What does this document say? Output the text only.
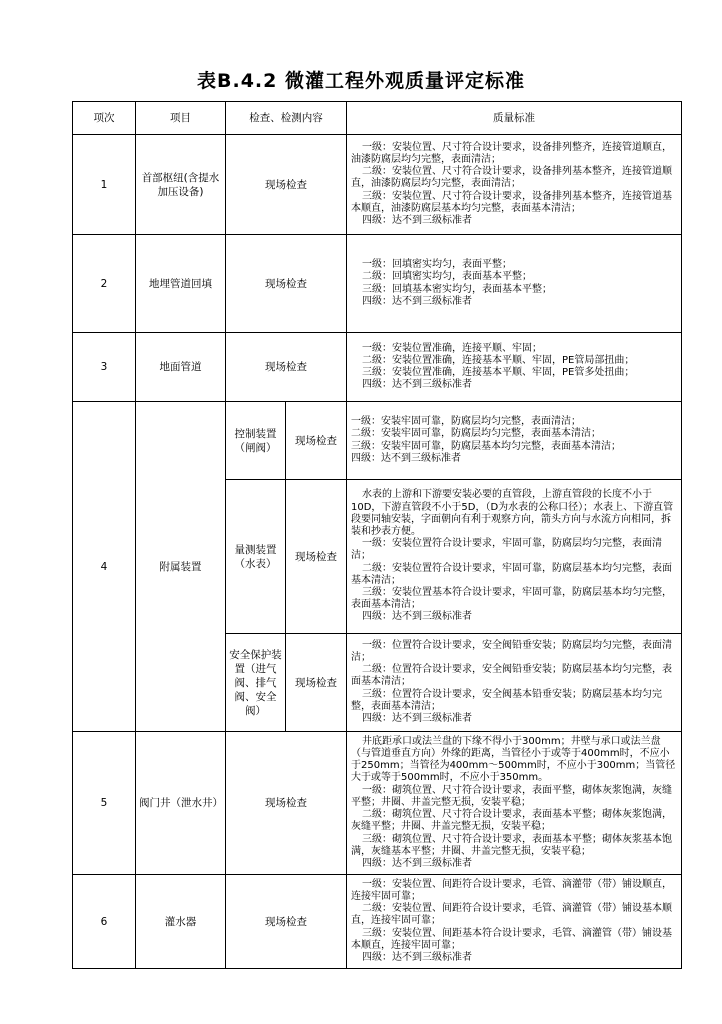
表B.4.2 微灌工程外观质量评定标准
项次	项目	检查、检测内容		质量标准
1	首部枢纽(含提水加压设备)	现场检查		一级：安装位置、尺寸符合设计要求，设备排列整齐，连接管道顺直，油漆防腐层均匀完整，表面清洁；
二级：安装位置、尺寸符合设计要求，设备排列基本整齐，连接管道顺直，油漆防腐层均匀完整，表面清洁；
三级：安装位置、尺寸符合设计要求，设备排列基本整齐，连接管道基本顺直，油漆防腐层基本均匀完整，表面基本清洁；
四级：达不到三级标准者

2	地埋管道回填	现场检查		一级：回填密实均匀，表面平整；
二级：回填密实均匀，表面基本平整；
三级：回填基本密实均匀，表面基本平整；
四级：达不到三级标准者

3	地面管道	现场检查		一级：安装位置准确，连接平顺、牢固；
二级：安装位置准确，连接基本平顺、牢固，PE管局部扭曲；
三级：安装位置准确，连接基本平顺、牢固，PE管多处扭曲；
四级：达不到三级标准者

4	附属装置	控制装置（闸阀）	现场检查	一级：安装牢固可靠，防腐层均匀完整，表面清洁；
二级：安装牢固可靠，防腐层均匀完整，表面基本清洁；
三级：安装牢固可靠，防腐层基本均匀完整，表面基本清洁；
四级：达不到三级标准者

		量测装置（水表）	现场检查	水表的上游和下游要安装必要的直管段，上游直管段的长度不小于10D，下游直管段不小于5D，（D为水表的公称口径）；水表上、下游直管段要同轴安装，字面朝向有利于观察方向，箭头方向与水流方向相同，拆装和抄表方便。
一级：安装位置符合设计要求，牢固可靠，防腐层均匀完整，表面清洁；
二级：安装位置符合设计要求，牢固可靠，防腐层基本均匀完整，表面基本清洁；
三级：安装位置基本符合设计要求，牢固可靠，防腐层基本均匀完整，表面基本清洁；
四级：达不到三级标准者

		安全保护装置（进气阀、排气阀、安全阀）	现场检查	一级：位置符合设计要求，安全阀铅垂安装；防腐层均匀完整，表面清洁；
二级：位置符合设计要求，安全阀铅垂安装；防腐层基本均匀完整，表面基本清洁；
三级：位置符合设计要求，安全阀基本铅垂安装；防腐层基本均匀完整，表面基本清洁；
四级：达不到三级标准者

5	阀门井（泄水井）	现场检查		井底距承口或法兰盘的下缘不得小于300mm；井壁与承口或法兰盘（与管道垂直方向）外缘的距离，当管径小于或等于400mm时，不应小于250mm；当管径为400mm～500mm时，不应小于300mm；当管径大于或等于500mm时，不应小于350mm。
一级：砌筑位置、尺寸符合设计要求，表面平整，砌体灰浆饱满，灰缝平整；井圈、井盖完整无损，安装平稳；
二级：砌筑位置、尺寸符合设计要求，表面基本平整；砌体灰浆饱满，灰缝平整；井圈、井盖完整无损，安装平稳；
三级：砌筑位置、尺寸符合设计要求，表面基本平整；砌体灰浆基本饱满，灰缝基本平整；井圈、井盖完整无损，安装平稳；
四级：达不到三级标准者

6	灌水器	现场检查		一级：安装位置、间距符合设计要求，毛管、滴灌带（带）铺设顺直，连接牢固可靠；
二级：安装位置、间距符合设计要求，毛管、滴灌管（带）铺设基本顺直，连接牢固可靠；
三级：安装位置、间距基本符合设计要求，毛管、滴灌管（带）铺设基本顺直，连接牢固可靠；
四级：达不到三级标准者
